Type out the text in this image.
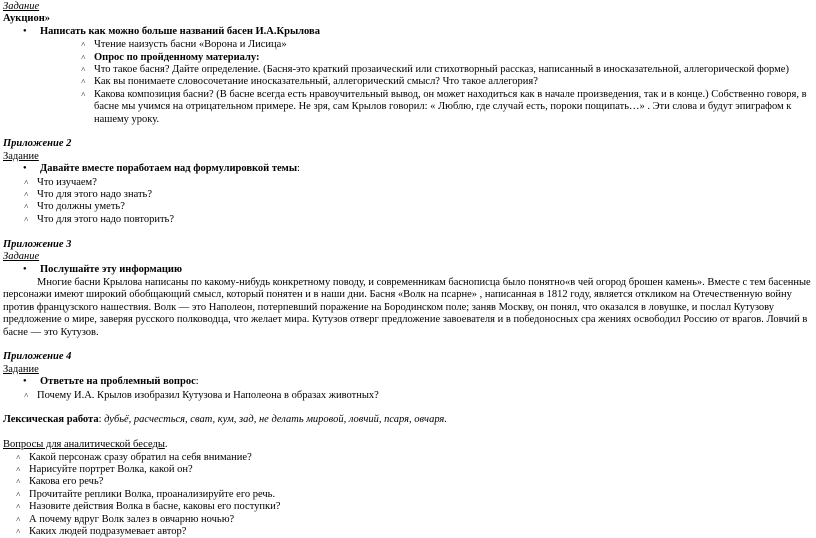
Задание
Аукцион»
●
Написать как можно больше названий басен И.А.Крылова
˄ Чтение наизусть басни «Ворона и Лисица»
˄ Опрос по пройденному материалу:
˄ Что такое басня? Дайте определение. (Басня-это краткий прозаический или стихотворный рассказ, написанный в иносказательной, аллегорической форме)
˄ Как вы понимаете словосочетание иносказательный, аллегорический смысл? Что такое аллегория?
˄ Какова композиция басни? (В басне всегда есть нравоучительный вывод, он может находиться как в начале произведения, так и в конце.) Собственно говоря, в
басне мы учимся на отрицательном примере. Не зря, сам Крылов говорил: « Люблю, где случай есть, пороки пощипать…» . Эти слова и будут эпиграфом к
нашему уроку.
Приложение 2
Задание
●
Давайте вместе поработаем над формулировкой темы:
˄ Что изучаем?
˄ Что для этого надо знать?
˄ Что должны уметь?
˄ Что для этого надо повторить?
Приложение 3
Задание
●
Послушайте эту информацию
Многие басни Крылова написаны по какому-нибудь конкретному поводу, и современникам баснописца было понятно«в чей огород брошен камень». Вместе с тем басенные
персонажи имеют широкий обобщающий смысл, который понятен и в наши дни. Басня «Волк на псарне» , написанная в 1812 году, является откликом на Отечественную войну
против французского нашествия. Волк — это Наполеон, потерпевший поражение на Бородинском поле; заняв Москву, он понял, что оказался в ловушке, и послал Кутузову
предложение о мире, заверяя русского полководца, что желает мира. Кутузов отверг предложение завоевателя и в победоносных сра жениях освободил Россию от врагов. Ловчий в
басне — это Кутузов.
Приложение 4
Задание
●
Ответьте на проблемный вопрос:
˄ Почему И.А. Крылов изобразил Кутузова и Наполеона в образах животных?
Лексическая работа: дубьё, расчесться, сват, кум, зад, не делать мировой, ловчий, псаря, овчаря.
Вопросы для аналитической беседы.
˄ Какой персонаж сразу обратил на себя внимание?
˄ Нарисуйте портрет Волка, какой он?
˄ Какова его речь?
˄ Прочитайте реплики Волка, проанализируйте его речь.
˄ Назовите действия Волка в басне, каковы его поступки?
˄ А почему вдруг Волк залез в овчарню ночью?
˄ Каких людей подразумевает автор?
